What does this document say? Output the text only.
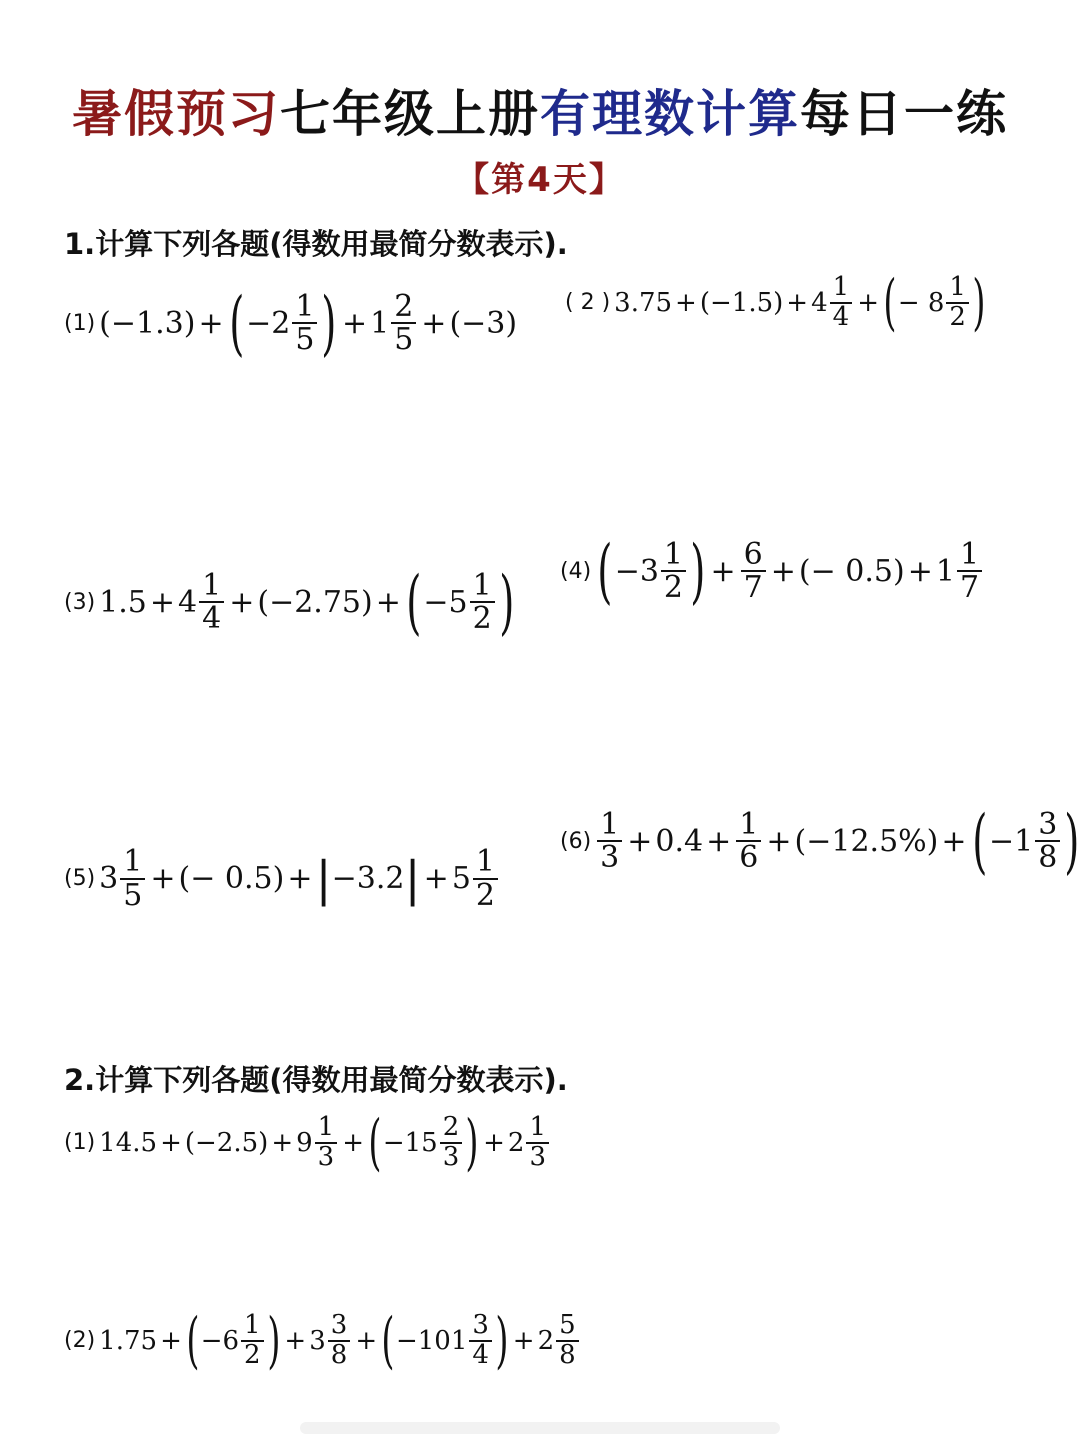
暑假预习七年级上册有理数计算每日一练
【第4天】
1.计算下列各题(得数用最简分数表示).
(1) ( −1.3 ) + ( $-2 \frac{1}{5}$ ) + $1 \frac{2}{5}$ + ( −3 )
( 2 ) 3.75 + ( −1.5 ) + $4 \frac{1}{4}$ + ( − $8 \frac{1}{2}$ )
(3) $1.5 + 4 \frac{1}{4}$ + ( −2.75 ) + ( $-5 \frac{1}{2}$ ) (4) ( $-3 \frac{1}{2}$ ) + $\frac{6}{7}$ + ( − 0.5 ) + $1 \frac{1}{7}$
(5) $3 \frac{1}{5}$ + ( − 0.5 ) + | −3.2 | + $5 \frac{1}{2}$
$(6) \frac{1}{3} + 0.4 + \frac{1}{6}$ + ( −12.5% ) + ( $-1 \frac{3}{8}$ )
2.计算下列各题(得数用最简分数表示).
(1) 14.5 + ( −2.5 ) + $9 \frac{1}{3}$ + ( $-15 \frac{2}{3}$ ) + $2 \frac{1}{3}$
(2) 1.75 + ( $-6 \frac{1}{2}$ ) + $3 \frac{3}{8}$ + ( $-101 \frac{3}{4}$ ) + $2 \frac{5}{8}$
